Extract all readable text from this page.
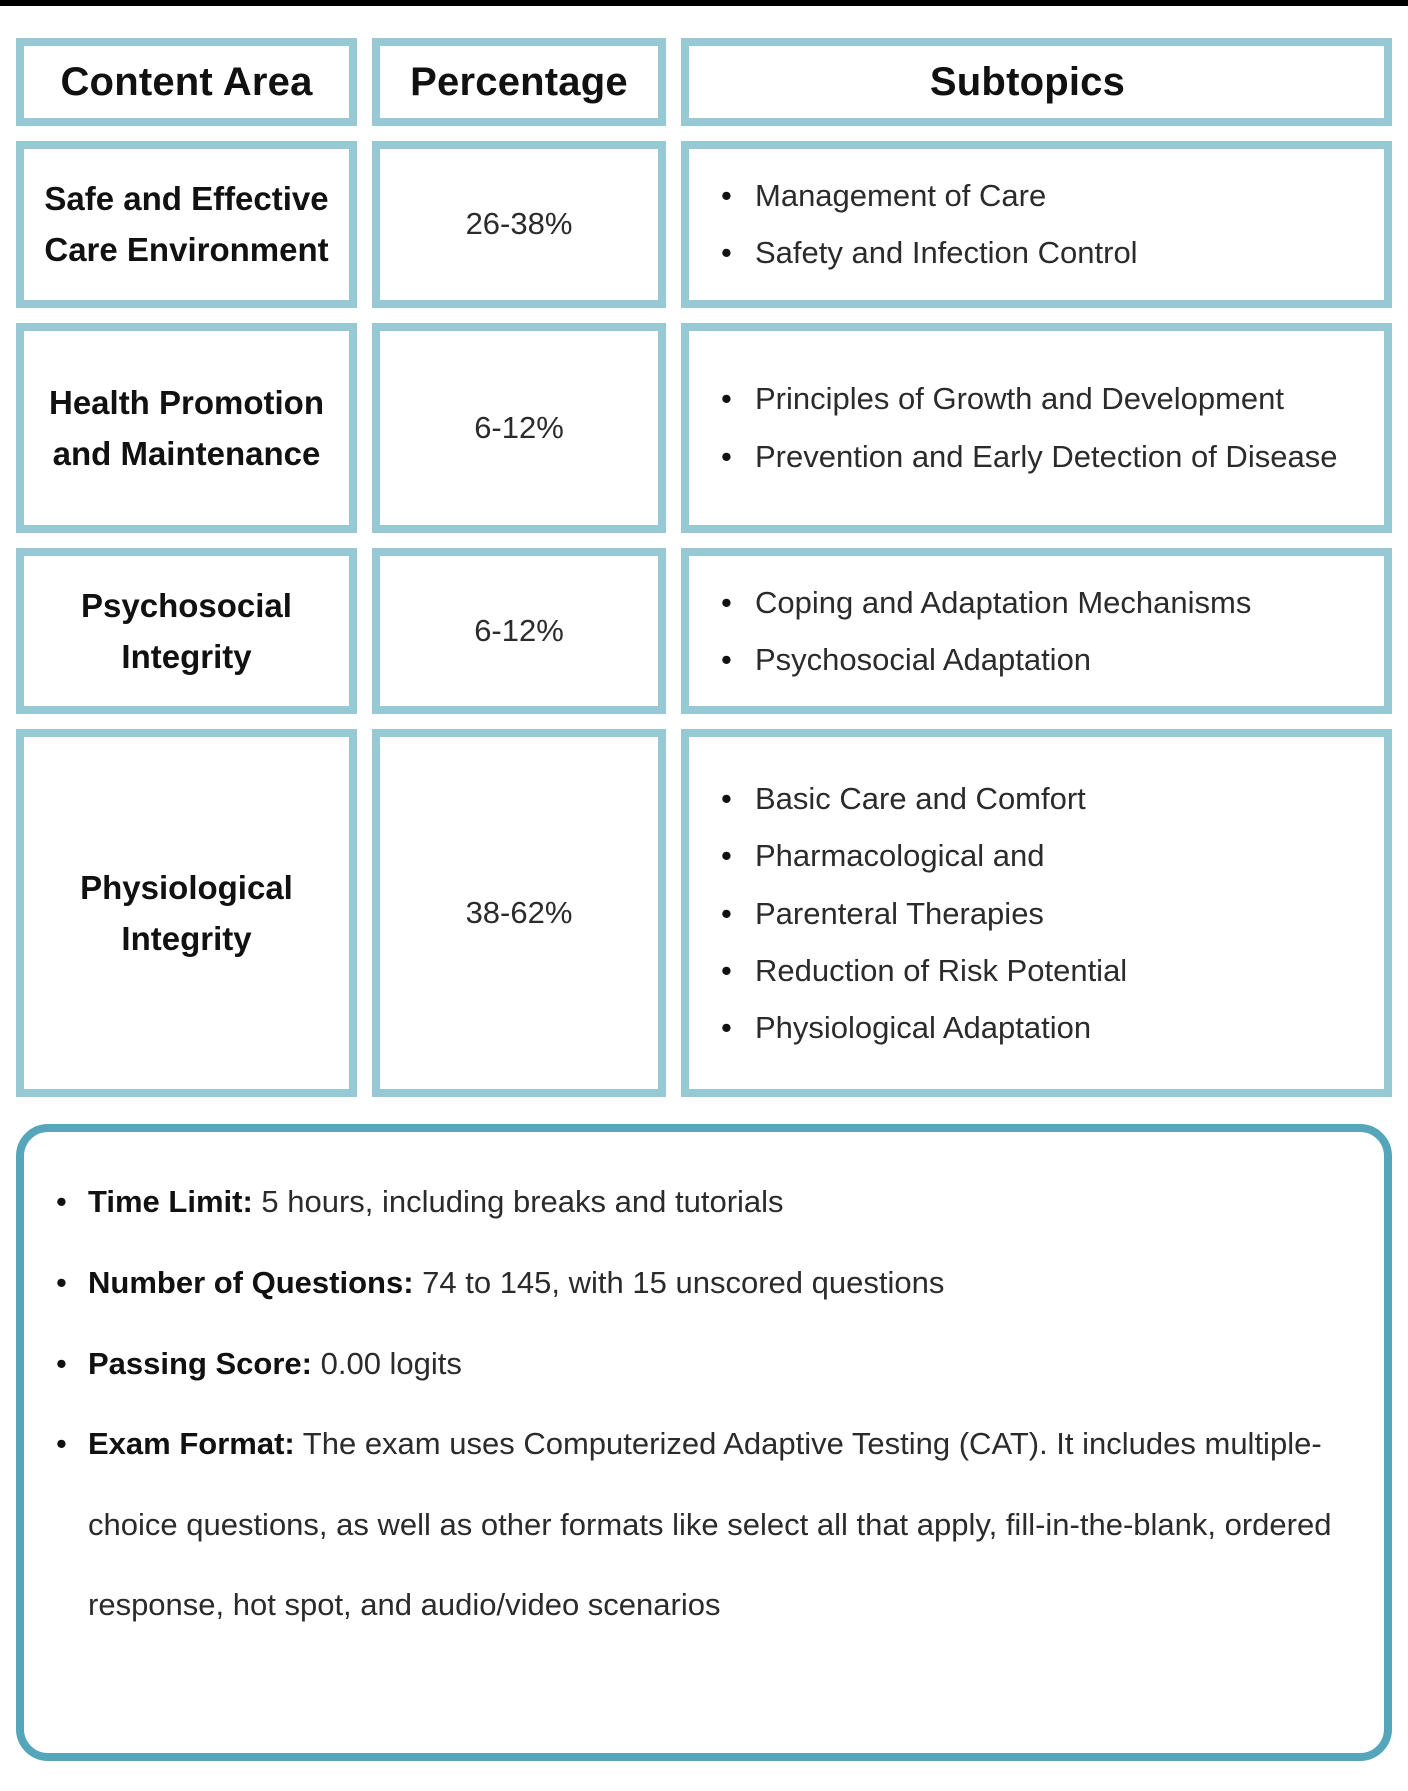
Content Area Percentage	Subtopics

Safe and Effective Care Environment

26-38%
• Management of Care
• Safety and Infection Control

Health Promotion and Maintenance

6-12%
• Principles of Growth and Development
• Prevention and Early Detection of Disease

Psychosocial Integrity

6-12%
• Coping and Adaptation Mechanisms
• Psychosocial Adaptation

Physiological Integrity

38-62%
• Basic Care and Comfort
• Pharmacological and
• Parenteral Therapies
• Reduction of Risk Potential
• Physiological Adaptation
• Time Limit: 5 hours, including breaks and tutorials
• Number of Questions: 74 to 145, with 15 unscored questions
• Passing Score: 0.00 logits
• Exam Format: The exam uses Computerized Adaptive Testing (CAT). It includes multiple-choice questions, as well as other formats like select all that apply, fill-in-the-blank, ordered response, hot spot, and audio/video scenarios
